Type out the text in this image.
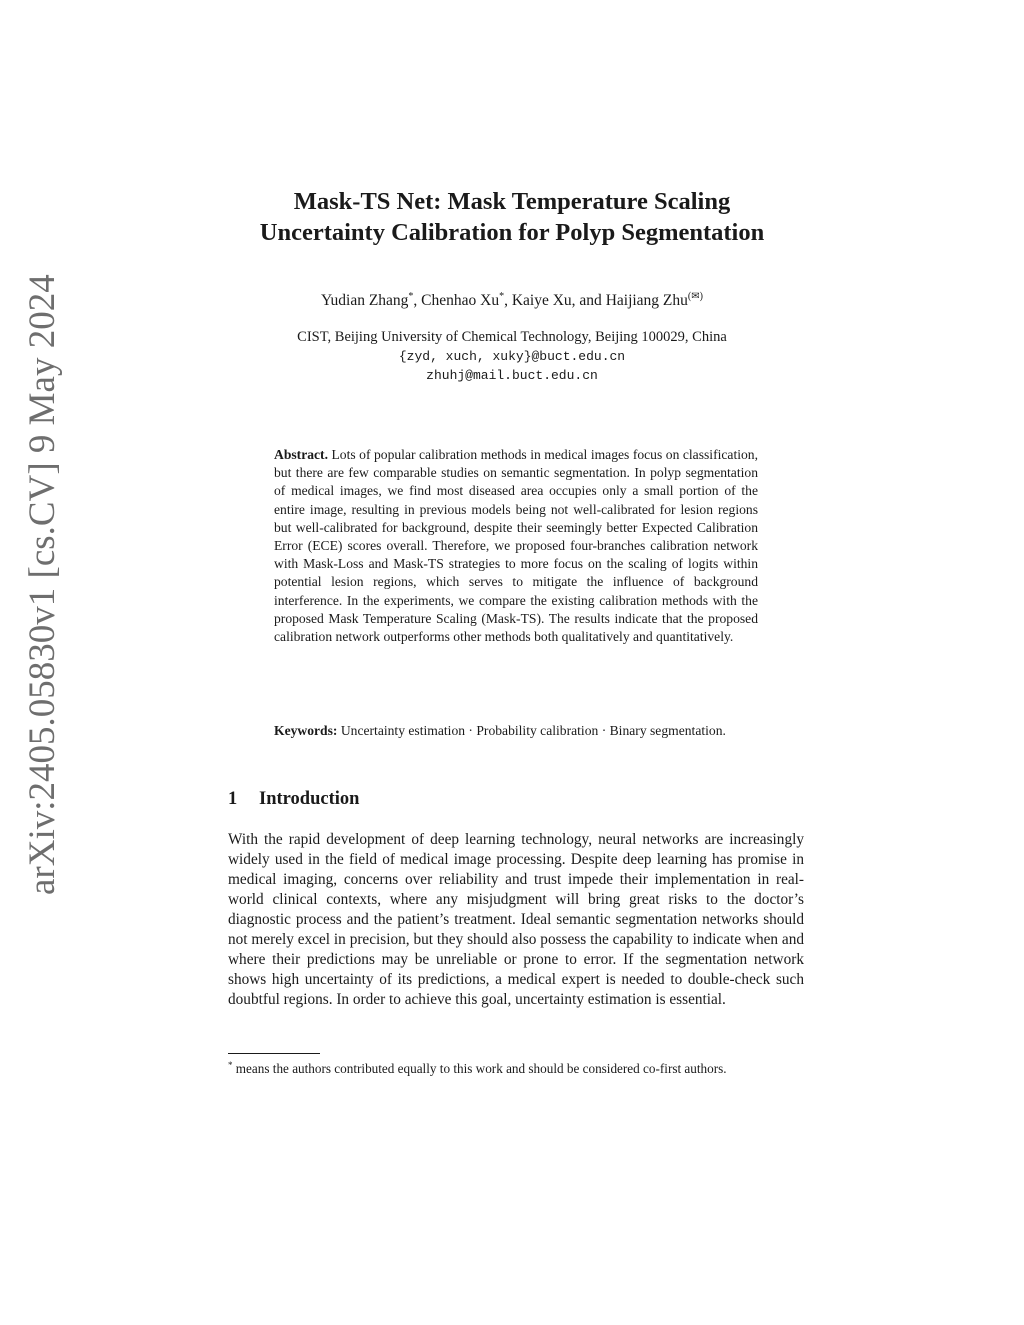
arXiv:2405.05830v1 [cs.CV] 9 May 2024
Mask-TS Net: Mask Temperature Scaling
Uncertainty Calibration for Polyp Segmentation
Yudian Zhang*, Chenhao Xu*, Kaiye Xu, and Haijiang Zhu(✉)
CIST, Beijing University of Chemical Technology, Beijing 100029, China
{zyd, xuch, xuky}@buct.edu.cn
zhuhj@mail.buct.edu.cn
Abstract. Lots of popular calibration methods in medical images focus on classification, but there are few comparable studies on semantic segmentation. In polyp segmentation of medical images, we find most diseased area occupies only a small portion of the entire image, resulting in previous models being not well-calibrated for lesion regions but well-calibrated for background, despite their seemingly better Expected Calibration Error (ECE) scores overall. Therefore, we proposed four-branches calibration network with Mask-Loss and Mask-TS strategies to more focus on the scaling of logits within potential lesion regions, which serves to mitigate the influence of background interference. In the experiments, we compare the existing calibration methods with the proposed Mask Temperature Scaling (Mask-TS). The results indicate that the proposed calibration network outperforms other methods both qualitatively and quantitatively.
Keywords: Uncertainty estimation · Probability calibration · Binary segmentation.
1 Introduction
With the rapid development of deep learning technology, neural networks are increasingly widely used in the field of medical image processing. Despite deep learning has promise in medical imaging, concerns over reliability and trust impede their implementation in real-world clinical contexts, where any misjudgment will bring great risks to the doctor’s diagnostic process and the patient’s treatment. Ideal semantic segmentation networks should not merely excel in precision, but they should also possess the capability to indicate when and where their predictions may be unreliable or prone to error. If the segmentation network shows high uncertainty of its predictions, a medical expert is needed to double-check such doubtful regions. In order to achieve this goal, uncertainty estimation is essential.
* means the authors contributed equally to this work and should be considered co-first authors.
